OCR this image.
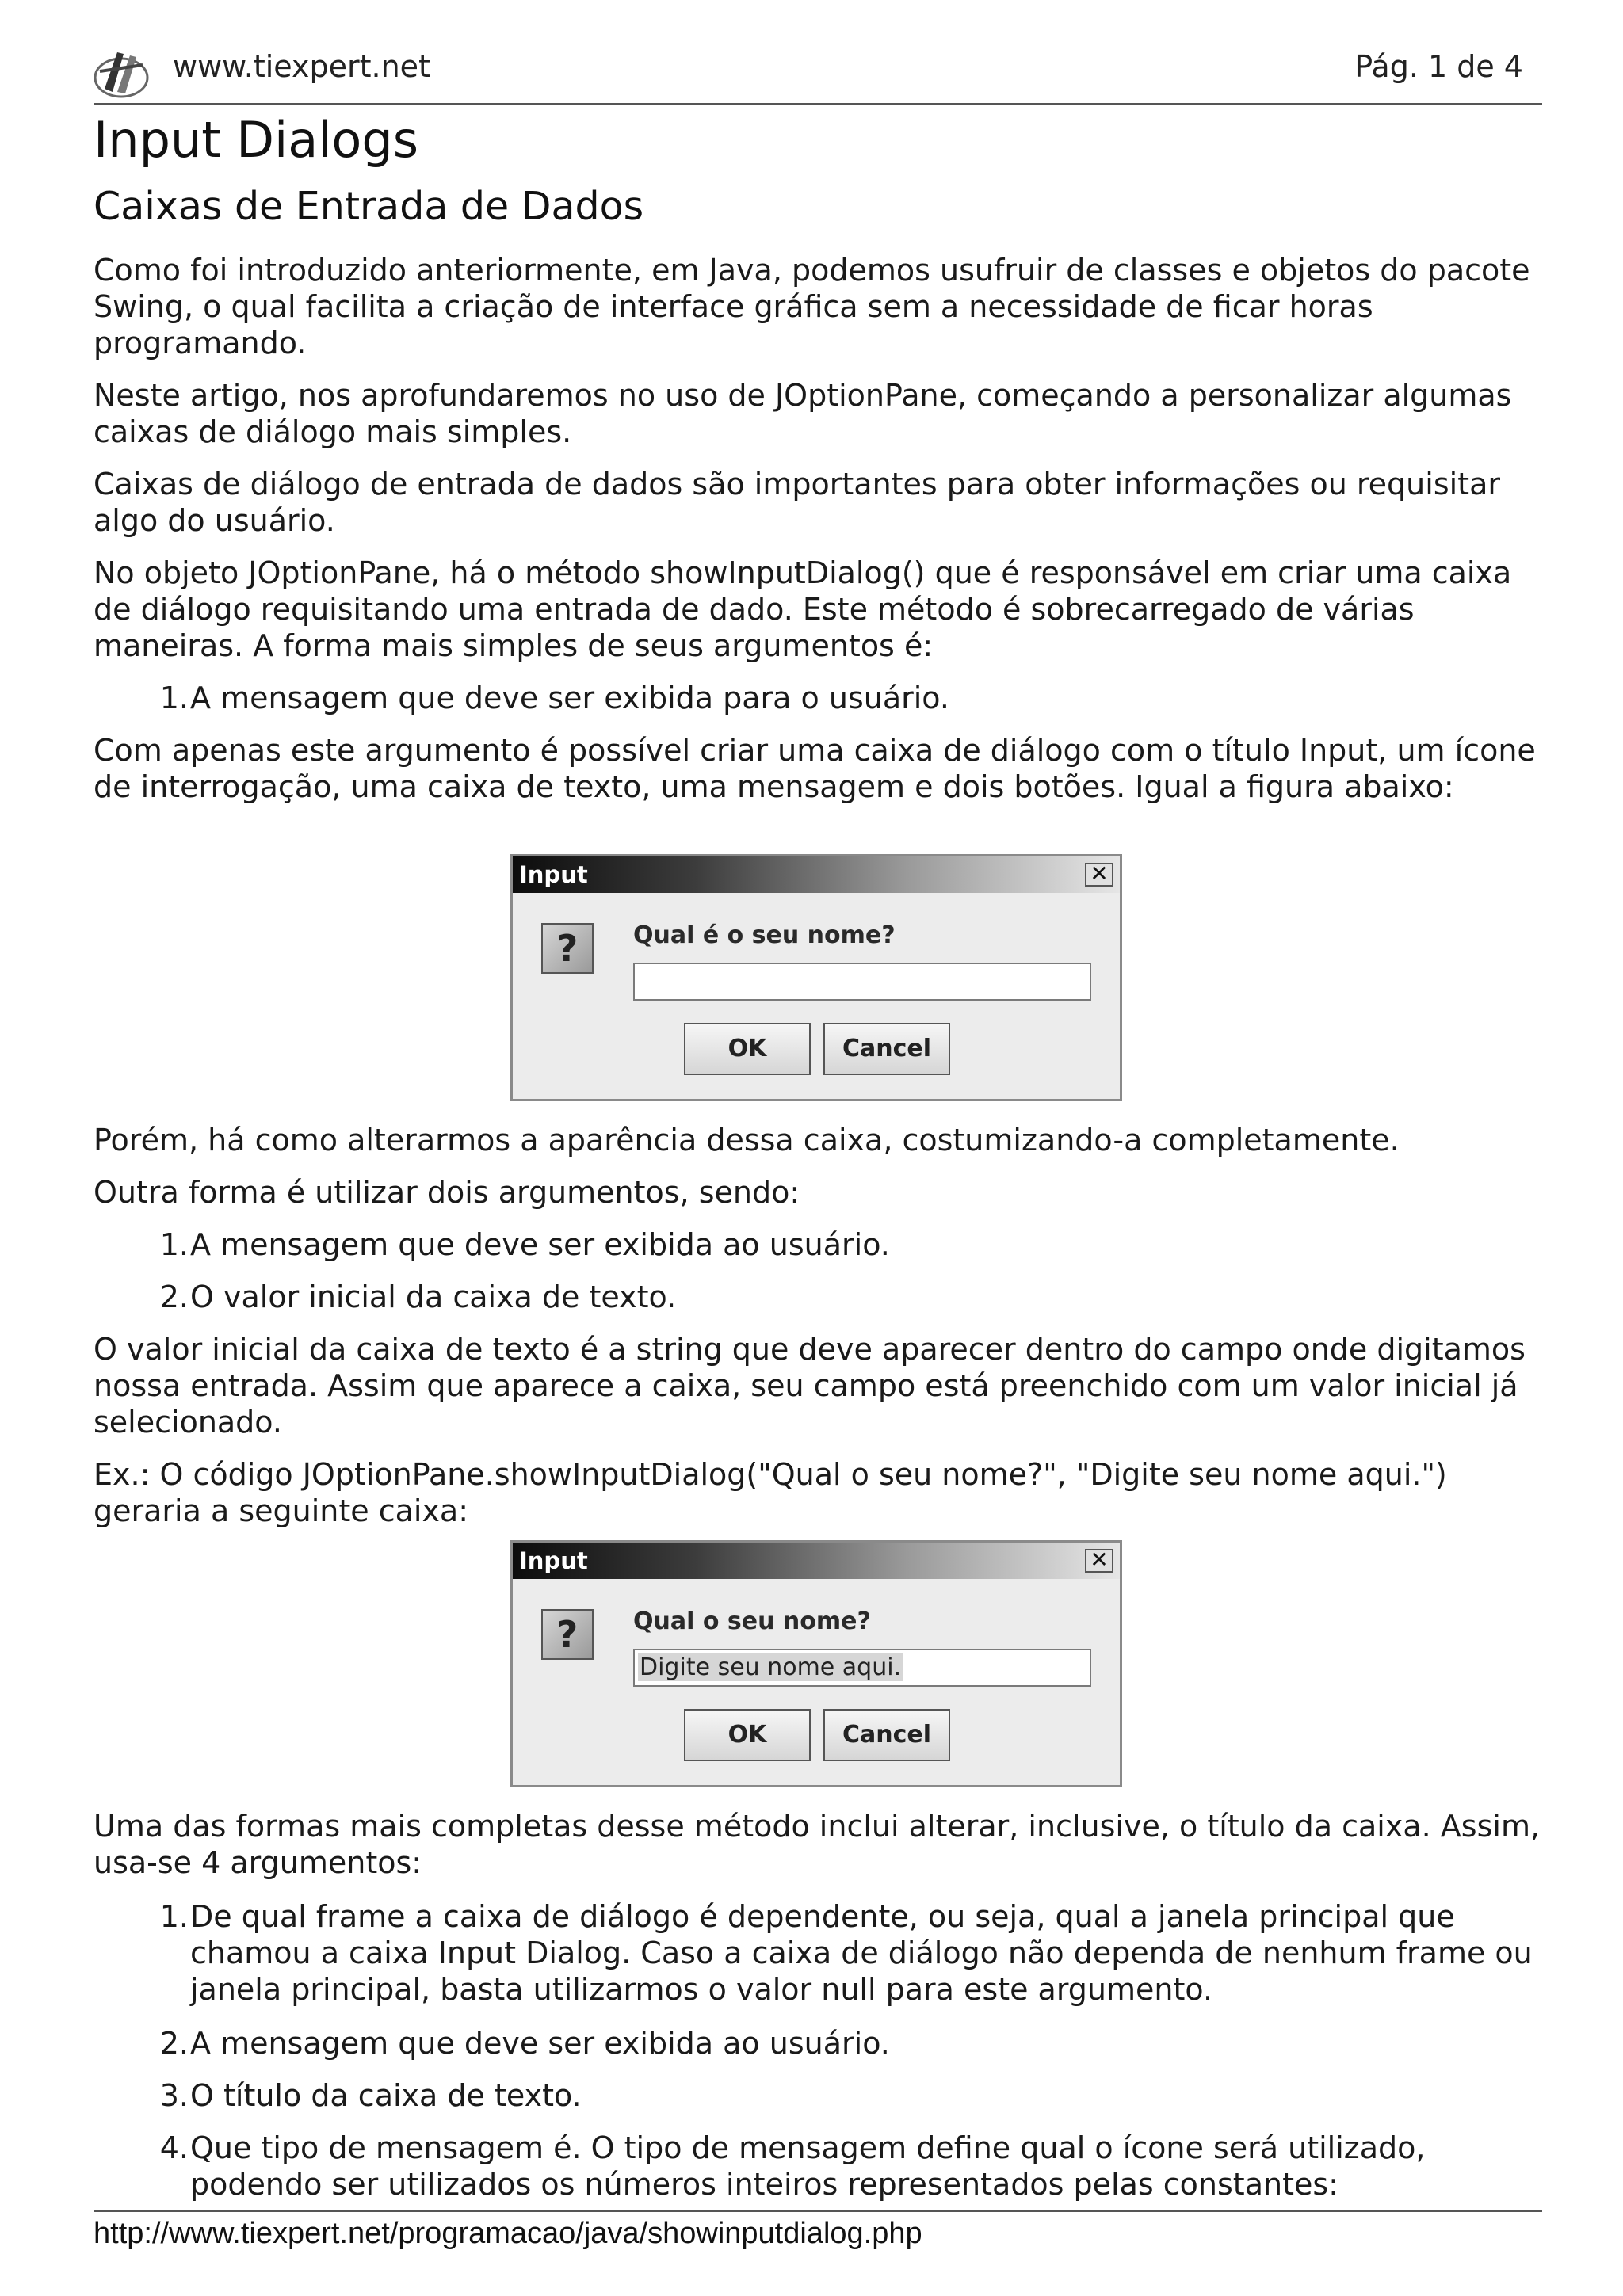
www.tiexpert.net	Pág. 1 de 4
Input Dialogs
Caixas de Entrada de Dados

Como foi introduzido anteriormente, em Java, podemos usufruir de classes e objetos do pacote Swing, o qual facilita a criação de interface gráfica sem a necessidade de ficar horas programando.

Neste artigo, nos aprofundaremos no uso de JOptionPane, começando a personalizar algumas caixas de diálogo mais simples.

Caixas de diálogo de entrada de dados são importantes para obter informações ou requisitar algo do usuário.

No objeto JOptionPane, há o método showInputDialog() que é responsável em criar uma caixa de diálogo requisitando uma entrada de dado. Este método é sobrecarregado de várias maneiras. A forma mais simples de seus argumentos é:

1. A mensagem que deve ser exibida para o usuário.

Com apenas este argumento é possível criar uma caixa de diálogo com o título Input, um ícone de interrogação, uma caixa de texto, uma mensagem e dois botões. Igual a figura abaixo:

Input	✕
?	Qual é o seu nome?
OK	Cancel

Porém, há como alterarmos a aparência dessa caixa, costumizando-a completamente.

Outra forma é utilizar dois argumentos, sendo:

1. A mensagem que deve ser exibida ao usuário.
2. O valor inicial da caixa de texto.

O valor inicial da caixa de texto é a string que deve aparecer dentro do campo onde digitamos nossa entrada. Assim que aparece a caixa, seu campo está preenchido com um valor inicial já selecionado.

Ex.: O código JOptionPane.showInputDialog("Qual o seu nome?", "Digite seu nome aqui.") geraria a seguinte caixa:

Input	✕
?	Qual o seu nome?
Digite seu nome aqui.
OK	Cancel

Uma das formas mais completas desse método inclui alterar, inclusive, o título da caixa. Assim, usa-se 4 argumentos:

1. De qual frame a caixa de diálogo é dependente, ou seja, qual a janela principal que chamou a caixa Input Dialog. Caso a caixa de diálogo não dependa de nenhum frame ou janela principal, basta utilizarmos o valor null para este argumento.
2. A mensagem que deve ser exibida ao usuário.
3. O título da caixa de texto.
4. Que tipo de mensagem é. O tipo de mensagem define qual o ícone será utilizado, podendo ser utilizados os números inteiros representados pelas constantes:
http://www.tiexpert.net/programacao/java/showinputdialog.php
